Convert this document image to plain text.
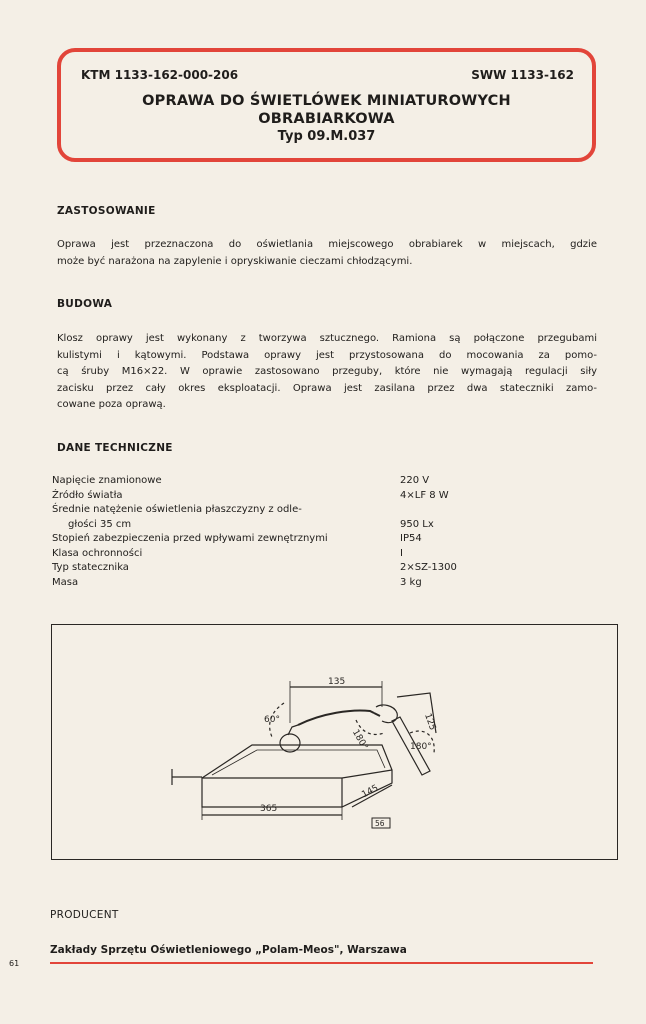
KTM 1133-162-000-206	SWW 1133-162
OPRAWA DO ŚWIETLÓWEK MINIATUROWYCH
OBRABIARKOWA
Typ 09.M.037
ZASTOSOWANIE
Oprawa jest przeznaczona do oświetlania miejscowego obrabiarek w miejscach, gdzie
może być narażona na zapylenie i opryskiwanie cieczami chłodzącymi.
BUDOWA
Klosz oprawy jest wykonany z tworzywa sztucznego. Ramiona są połączone przegubami
kulistymi i kątowymi. Podstawa oprawy jest przystosowana do mocowania za pomo-
cą śruby M16×22. W oprawie zastosowano przeguby, które nie wymagają regulacji siły
zacisku przez cały okres eksploatacji. Oprawa jest zasilana przez dwa stateczniki zamo-
cowane poza oprawą.
DANE TECHNICZNE
Napięcie znamionowe	220 V
Źródło światła	4×LF 8 W
Średnie natężenie oświetlenia płaszczyzny z odle-
głości 35 cm	950 Lx
Stopień zabezpieczenia przed wpływami zewnętrznymi	IP54
Klasa ochronności	I
Typ statecznika	2×SZ-1300
Masa	3 kg
135
125
60°
180°	180°
365
145
56
PRODUCENT
Zakłady Sprzętu Oświetleniowego „Polam-Meos", Warszawa
61
